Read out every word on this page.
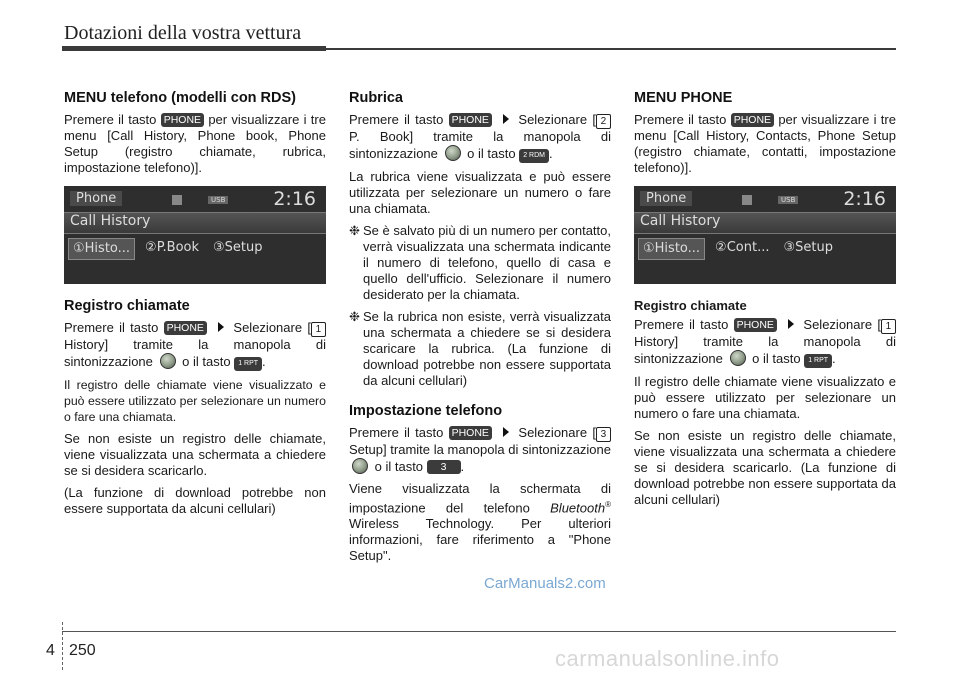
Dotazioni della vostra vettura
MENU telefono (modelli con RDS)

Premere il tasto PHONE per visualizzare i tre menu [Call History, Phone book, Phone Setup (registro chiamate, rubrica, impostazione telefono)].

Phone	USB	2:16
Call History
①Histo...	②P.Book	③Setup
Registro chiamate

Premere il tasto PHONE Selezionare [ 1 History] tramite la manopola di sintonizzazione o il tasto 1 RPT .

Il registro delle chiamate viene visualizzato e può essere utilizzato per selezionare un numero o fare una chiamata.

Se non esiste un registro delle chiamate, viene visualizzata una schermata a chiedere se si desidera scaricarlo.

(La funzione di download potrebbe non essere supportata da alcuni cellulari)

Rubrica

Premere il tasto PHONE Selezionare [ 2 P. Book] tramite la manopola di sintonizzazione o il tasto 2 RDM .

La rubrica viene visualizzata e può essere utilizzata per selezionare un numero o fare una chiamata.

❉ Se è salvato più di un numero per contatto, verrà visualizzata una schermata indicante il numero di telefono, quello di casa e quello dell'ufficio. Selezionare il numero desiderato per la chiamata.

❉ Se la rubrica non esiste, verrà visualizzata una schermata a chiedere se si desidera scaricare la rubrica. (La funzione di download potrebbe non essere supportata da alcuni cellulari)

Impostazione telefono

Premere il tasto PHONE Selezionare [ 3 Setup] tramite la manopola di sintonizzazione  o il tasto 3 .

Viene visualizzata la schermata di impostazione del telefono Bluetooth® Wireless Technology. Per ulteriori informazioni, fare riferimento a "Phone Setup".

MENU PHONE

Premere il tasto PHONE per visualizzare i tre menu [Call History, Contacts, Phone Setup (registro chiamate, contatti, impostazione telefono)].

Phone	USB	2:16
Call History
①Histo...	②Cont...	③Setup
Registro chiamate

Premere il tasto PHONE Selezionare [ 1 History] tramite la manopola di sintonizzazione o il tasto 1 RPT .

Il registro delle chiamate viene visualizzato e può essere utilizzato per selezionare un numero o fare una chiamata.

Se non esiste un registro delle chiamate, viene visualizzata una schermata a chiedere se si desidera scaricarlo. (La funzione di download potrebbe non essere supportata da alcuni cellulari)

CarManuals2.com
4 250	carmanualsonline.info
